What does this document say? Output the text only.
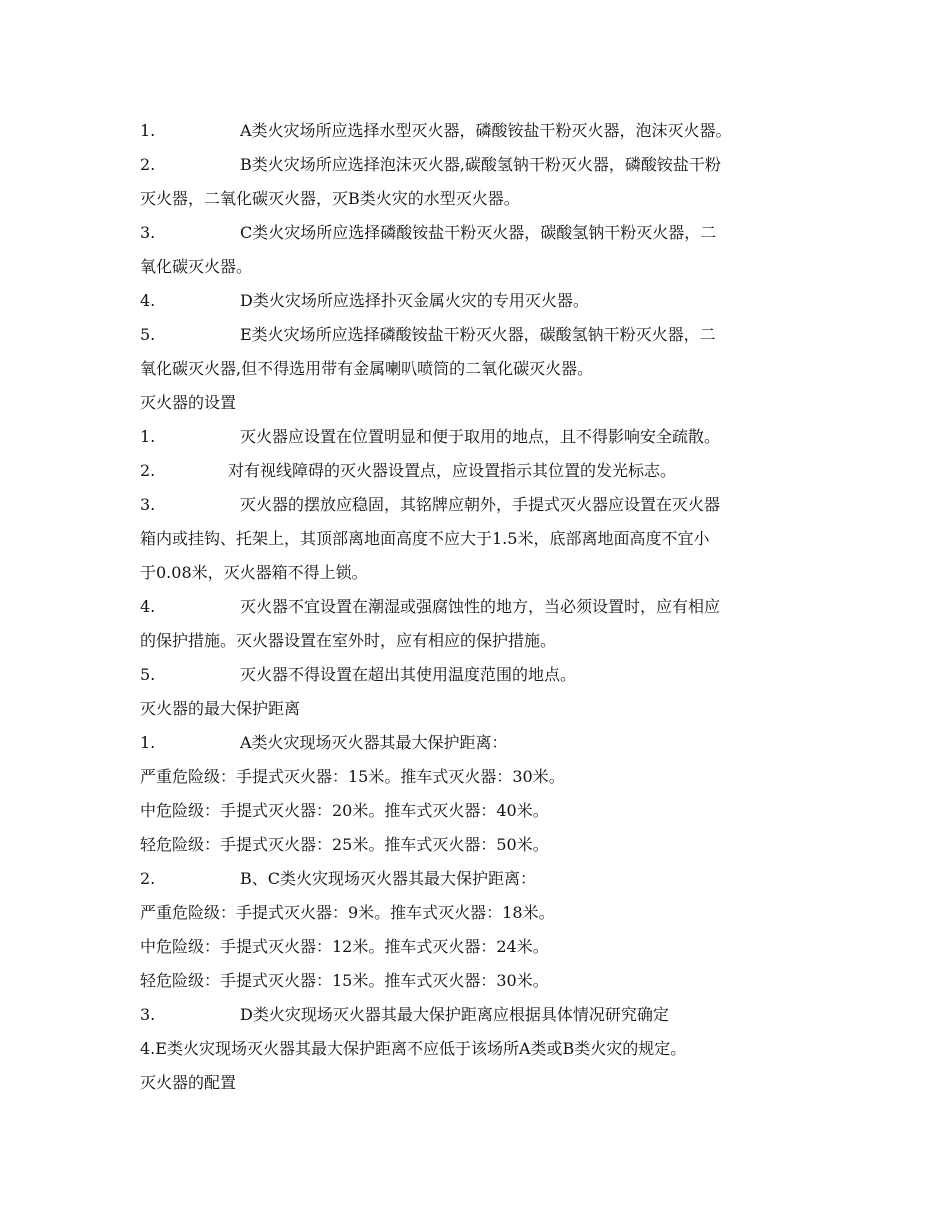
1.	A类火灾场所应选择水型灭火器，磷酸铵盐干粉灭火器，泡沫灭火器。
2.	B类火灾场所应选择泡沫灭火器,碳酸氢钠干粉灭火器，磷酸铵盐干粉
灭火器，二氧化碳灭火器，灭B类火灾的水型灭火器。
3.	C类火灾场所应选择磷酸铵盐干粉灭火器，碳酸氢钠干粉灭火器，二
氧化碳灭火器。
4.	D类火灾场所应选择扑灭金属火灾的专用灭火器。
5.	E类火灾场所应选择磷酸铵盐干粉灭火器，碳酸氢钠干粉灭火器，二
氧化碳灭火器,但不得选用带有金属喇叭喷筒的二氧化碳灭火器。
灭火器的设置
1.	灭火器应设置在位置明显和便于取用的地点，且不得影响安全疏散。
2.	对有视线障碍的灭火器设置点，应设置指示其位置的发光标志。
3.	灭火器的摆放应稳固，其铭牌应朝外，手提式灭火器应设置在灭火器
箱内或挂钩、托架上，其顶部离地面高度不应大于1.5米，底部离地面高度不宜小
于0.08米，灭火器箱不得上锁。
4.	灭火器不宜设置在潮湿或强腐蚀性的地方，当必须设置时，应有相应
的保护措施。灭火器设置在室外时，应有相应的保护措施。
5.	灭火器不得设置在超出其使用温度范围的地点。
灭火器的最大保护距离
1.	A类火灾现场灭火器其最大保护距离：
严重危险级：手提式灭火器：15米。推车式灭火器：30米。
中危险级：手提式灭火器：20米。推车式灭火器：40米。
轻危险级：手提式灭火器：25米。推车式灭火器：50米。
2.	B、C类火灾现场灭火器其最大保护距离：
严重危险级：手提式灭火器：9米。推车式灭火器：18米。
中危险级：手提式灭火器：12米。推车式灭火器：24米。
轻危险级：手提式灭火器：15米。推车式灭火器：30米。
3.	D类火灾现场灭火器其最大保护距离应根据具体情况研究确定
4.E类火灾现场灭火器其最大保护距离不应低于该场所A类或B类火灾的规定。
灭火器的配置
